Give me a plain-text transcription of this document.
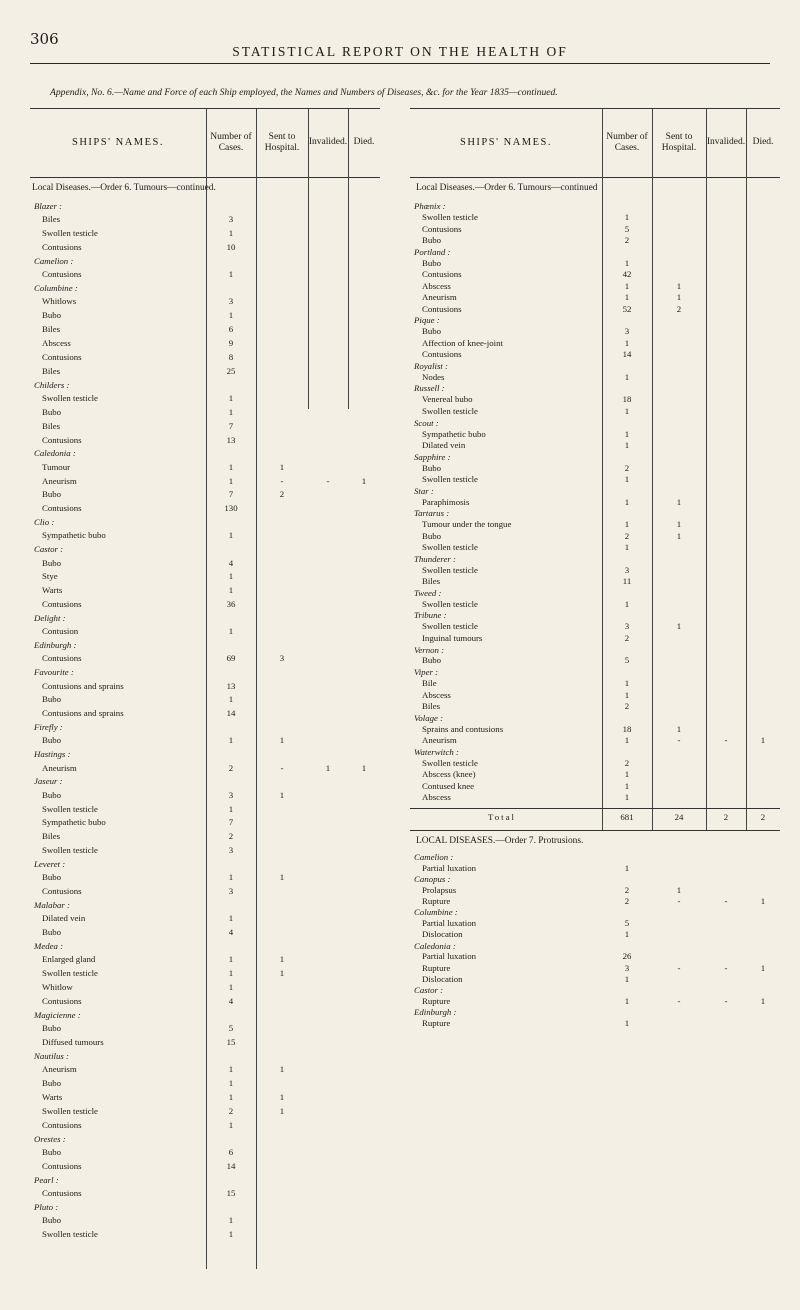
306
STATISTICAL REPORT ON THE HEALTH OF
Appendix, No. 6.—Name and Force of each Ship employed, the Names and Numbers of Diseases, &c. for the Year 1835—continued.
SHIPS' NAMES.
Number of Cases.
Sent to Hospital.
Invalided. Died.
Local Diseases.—Order 6. Tumours—continued.
Blazer :
Biles	3
Swollen testicle	1
Contusions	10
Camelion :
Contusions	1
Columbine :
Whitlows	3
Bubo	1
Biles	6
Abscess	9
Contusions	8
Biles	25
Childers :
Swollen testicle	1
Bubo	1
Biles	7
Contusions	13
Caledonia :
Tumour	1	1
Aneurism	1	-	-	1
Bubo	7	2
Contusions	130
Clio :
Sympathetic bubo	1
Castor :
Bubo	4
Stye	1
Warts	1
Contusions	36
Delight :
Contusion	1
Edinburgh :
Contusions	69	3
Favourite :
Contusions and sprains	13
Bubo	1
Contusions and sprains	14
Firefly :
Bubo	1	1
Hastings :
Aneurism	2	-	1	1
Jaseur :
Bubo	3	1
Swollen testicle	1
Sympathetic bubo	7
Biles	2
Swollen testicle	3
Leveret :
Bubo	1	1
Contusions	3
Malabar :
Dilated vein	1
Bubo	4
Medea :
Enlarged gland	1	1
Swollen testicle	1	1
Whitlow	1
Contusions	4
Magicienne :
Bubo	5
Diffused tumours	15
Nautilus :
Aneurism	1	1
Bubo	1
Warts	1	1
Swollen testicle	2	1
Contusions	1
Orestes :
Bubo	6
Contusions	14
Pearl :
Contusions	15
Pluto :
Bubo	1
Swollen testicle	1
SHIPS' NAMES.
Number of Cases.
Sent to Hospital.
Invalided. Died.
Local Diseases.—Order 6. Tumours—continued
Phœnix :
Swollen testicle	1
Contusions	5
Bubo	2
Portland :
Bubo	1
Contusions	42
Abscess	1	1
Aneurism	1	1
Contusions	52	2
Pique :
Bubo	3
Affection of knee-joint	1
Contusions	14
Royalist :
Nodes	1
Russell :
Venereal bubo	18
Swollen testicle	1
Scout :
Sympathetic bubo	1
Dilated vein	1
Sapphire :
Bubo	2
Swollen testicle	1
Star :
Paraphimosis	1	1
Tartarus :
Tumour under the tongue	1	1
Bubo	2	1
Swollen testicle	1
Thunderer :
Swollen testicle	3
Biles	11
Tweed :
Swollen testicle	1
Tribune :
Swollen testicle	3	1
Inguinal tumours	2
Vernon :
Bubo	5
Viper :
Bile	1
Abscess	1
Biles	2
Volage :
Sprains and contusions	18	1
Aneurism	1	-	-	1
Waterwitch :
Swollen testicle	2
Abscess (knee)	1
Contused knee	1
Abscess	1
Total	681	24	2	2
LOCAL DISEASES.—Order 7. Protrusions.
Camelion :
Partial luxation	1
Canopus :
Prolapsus	2	1
Rupture	2	-	-	1
Columbine :
Partial luxation	5
Dislocation	1
Caledonia :
Partial luxation	26
Rupture	3	-	-	1
Dislocation	1
Castor :
Rupture	1	-	-	1
Edinburgh :
Rupture	1
